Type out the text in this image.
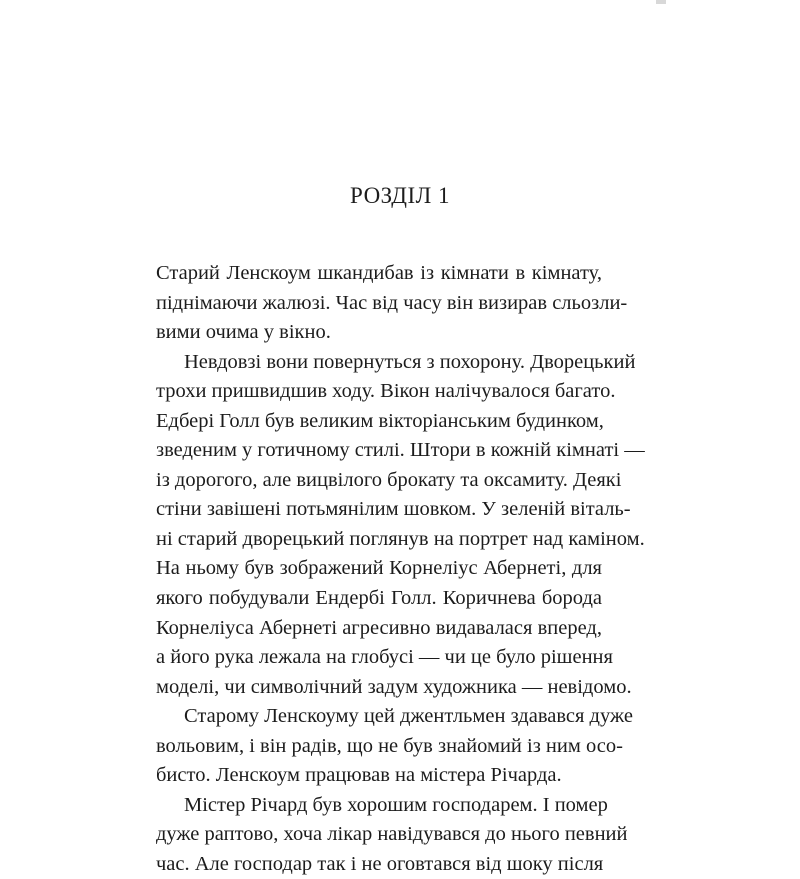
РОЗДІЛ 1
Старий Ленскоум шкандибав із кімнати в кімнату,
піднімаючи жалюзі. Час від часу він визирав сльозли-
вими очима у вікно.
Невдовзі вони повернуться з похорону. Дворецький
трохи пришвидшив ходу. Вікон налічувалося багато.
Едбері Голл був великим вікторіанським будинком,
зведеним у готичному стилі. Штори в кожній кімнаті —
із дорогого, але вицвілого брокату та оксамиту. Деякі
стіни завішені потьмянілим шовком. У зеленій віталь-
ні старий дворецький поглянув на портрет над каміном.
На ньому був зображений Корнеліус Абернеті, для
якого побудували Ендербі Голл. Коричнева борода
Корнеліуса Абернеті агресивно видавалася вперед,
а його рука лежала на глобусі — чи це було рішення
моделі, чи символічний задум художника — невідомо.
Старому Ленскоуму цей джентльмен здавався дуже
вольовим, і він радів, що не був знайомий із ним осо-
бисто. Ленскоум працював на містера Річарда.
Містер Річард був хорошим господарем. І помер
дуже раптово, хоча лікар навідувався до нього певний
час. Але господар так і не оговтався від шоку після
